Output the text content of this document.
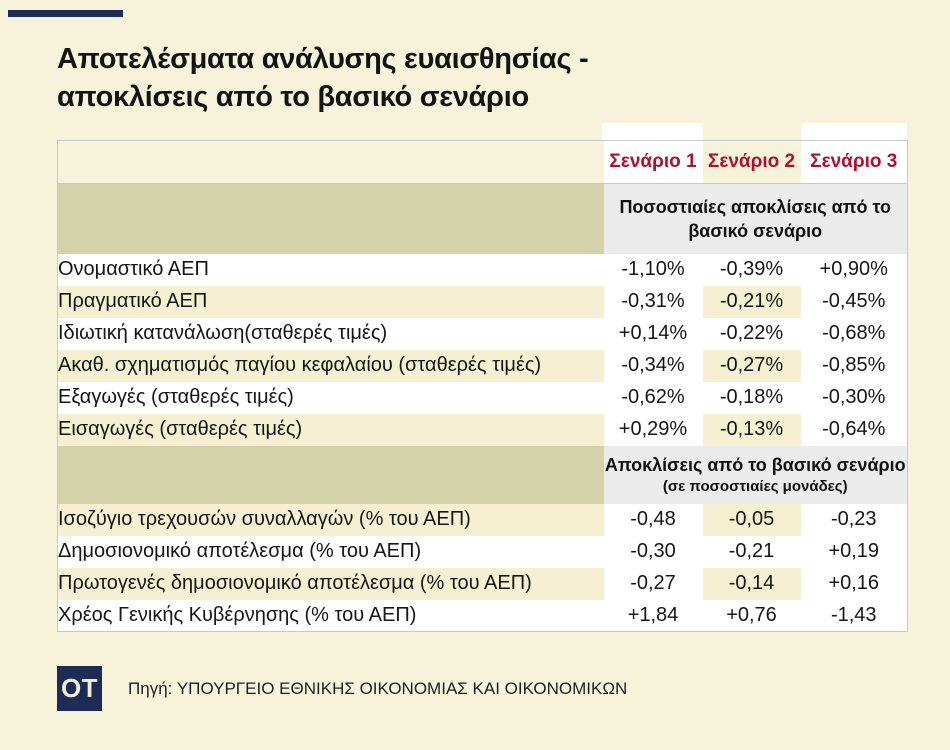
Αποτελέσματα ανάλυσης ευαισθησίας -
αποκλίσεις από το βασικό σενάριο
	Σενάριο 1	Σενάριο 2	Σενάριο 3

	Ποσοστιαίες αποκλίσεις από το
βασικό σενάριο		

Ονομαστικό ΑΕΠ	-1,10%	-0,39%	+0,90%
Πραγματικό ΑΕΠ	-0,31%	-0,21%	-0,45%
Ιδιωτική κατανάλωση(σταθερές τιμές)	+0,14%	-0,22%	-0,68%
Ακαθ. σχηματισμός παγίου κεφαλαίου (σταθερές τιμές)	-0,34%	-0,27%	-0,85%
Εξαγωγές (σταθερές τιμές)	-0,62%	-0,18%	-0,30%
Εισαγωγές (σταθερές τιμές)	+0,29%	-0,13%	-0,64%

	Αποκλίσεις από το βασικό σενάριο
(σε ποσοστιαίες μονάδες)		

Ισοζύγιο τρεχουσών συναλλαγών (% του ΑΕΠ)	-0,48	-0,05	-0,23
Δημοσιονομικό αποτέλεσμα (% του ΑΕΠ)	-0,30	-0,21	+0,19
Πρωτογενές δημοσιονομικό αποτέλεσμα (% του ΑΕΠ)	-0,27	-0,14	+0,16
Χρέος Γενικής Κυβέρνησης (% του ΑΕΠ)	+1,84	+0,76	-1,43
OT Πηγή: ΥΠΟΥΡΓΕΙΟ ΕΘΝΙΚΗΣ ΟΙΚΟΝΟΜΙΑΣ ΚΑΙ ΟΙΚΟΝΟΜΙΚΩΝ
